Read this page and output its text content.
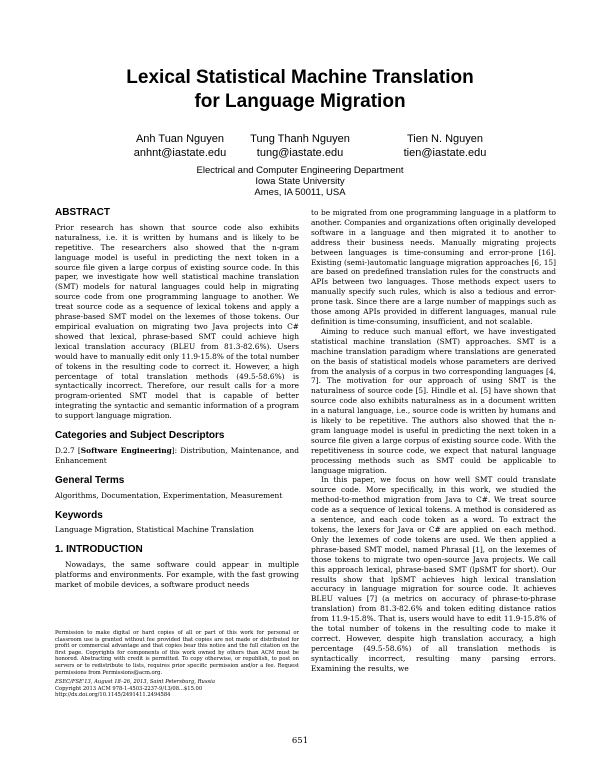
Lexical Statistical Machine Translation
for Language Migration
Anh Tuan Nguyen
anhnt@iastate.edu
Tung Thanh Nguyen
tung@iastate.edu
Tien N. Nguyen
tien@iastate.edu
Electrical and Computer Engineering Department
Iowa State University
Ames, IA 50011, USA
ABSTRACT

Prior research has shown that source code also exhibits naturalness, i.e. it is written by humans and is likely to be repetitive. The researchers also showed that the n-gram language model is useful in predicting the next token in a source file given a large corpus of existing source code. In this paper, we investigate how well statistical machine translation (SMT) models for natural languages could help in migrating source code from one programming language to another. We treat source code as a sequence of lexical tokens and apply a phrase-based SMT model on the lexemes of those tokens. Our empirical evaluation on migrating two Java projects into C# showed that lexical, phrase-based SMT could achieve high lexical translation accuracy (BLEU from 81.3-82.6%). Users would have to manually edit only 11.9-15.8% of the total number of tokens in the resulting code to correct it. However, a high percentage of total translation methods (49.5-58.6%) is syntactically incorrect. Therefore, our result calls for a more program-oriented SMT model that is capable of better integrating the syntactic and semantic information of a program to support language migration.

Categories and Subject Descriptors

D.2.7 [Software Engineering]: Distribution, Maintenance, and Enhancement

General Terms

Algorithms, Documentation, Experimentation, Measurement

Keywords

Language Migration, Statistical Machine Translation

1. INTRODUCTION

Nowadays, the same software could appear in multiple platforms and environments. For example, with the fast growing market of mobile devices, a software product needs

Permission to make digital or hard copies of all or part of this work for personal or classroom use is granted without fee provided that copies are not made or distributed for profit or commercial advantage and that copies bear this notice and the full citation on the first page. Copyrights for components of this work owned by others than ACM must be honored. Abstracting with credit is permitted. To copy otherwise, or republish, to post on servers or to redistribute to lists, requires prior specific permission and/or a fee. Request permissions from Permissions@acm.org.

ESEC/FSE'13, August 18–26, 2013, Saint Petersburg, Russia

Copyright 2013 ACM 978-1-4503-2237-9/13/08...$15.00

http://dx.doi.org/10.1145/2491411.2494584

to be migrated from one programming language in a platform to another. Companies and organizations often originally developed software in a language and then migrated it to another to address their business needs. Manually migrating projects between languages is time-consuming and error-prone [16]. Existing (semi-)automatic language migration approaches [6, 15] are based on predefined translation rules for the constructs and APIs between two languages. Those methods expect users to manually specify such rules, which is also a tedious and error-prone task. Since there are a large number of mappings such as those among APIs provided in different languages, manual rule definition is time-consuming, insufficient, and not scalable.

Aiming to reduce such manual effort, we have investigated statistical machine translation (SMT) approaches. SMT is a machine translation paradigm where translations are generated on the basis of statistical models whose parameters are derived from the analysis of a corpus in two corresponding languages [4, 7]. The motivation for our approach of using SMT is the naturalness of source code [5]. Hindle et al. [5] have shown that source code also exhibits naturalness as in a document written in a natural language, i.e., source code is written by humans and is likely to be repetitive. The authors also showed that the n-gram language model is useful in predicting the next token in a source file given a large corpus of existing source code. With the repetitiveness in source code, we expect that natural language processing methods such as SMT could be applicable to language migration.

In this paper, we focus on how well SMT could translate source code. More specifically, in this work, we studied the method-to-method migration from Java to C#. We treat source code as a sequence of lexical tokens. A method is considered as a sentence, and each code token as a word. To extract the tokens, the lexers for Java or C# are applied on each method. Only the lexemes of code tokens are used. We then applied a phrase-based SMT model, named Phrasal [1], on the lexemes of those tokens to migrate two open-source Java projects. We call this approach lexical, phrase-based SMT (lpSMT for short). Our results show that lpSMT achieves high lexical translation accuracy in language migration for source code. It achieves BLEU values [7] (a metrics on accuracy of phrase-to-phrase translation) from 81.3-82.6% and token editing distance ratios from 11.9-15.8%. That is, users would have to edit 11.9-15.8% of the total number of tokens in the resulting code to make it correct. However, despite high translation accuracy, a high percentage (49.5-58.6%) of all translation methods is syntactically incorrect, resulting many parsing errors. Examining the results, we

651
